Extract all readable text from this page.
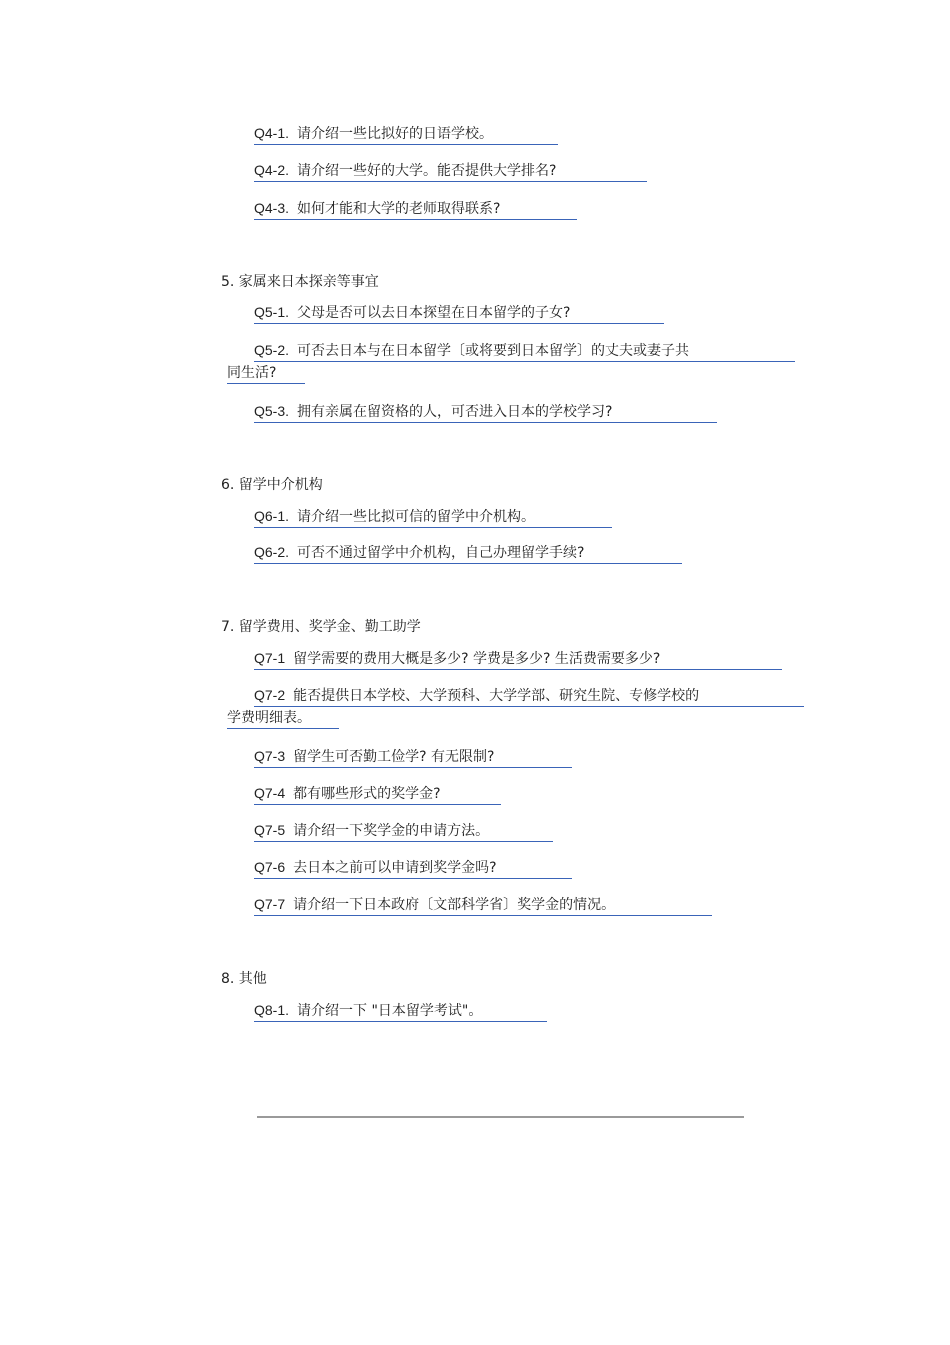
Q4-1. 请介绍一些比拟好的日语学校。
Q4-2. 请介绍一些好的大学。能否提供大学排名?
Q4-3. 如何才能和大学的老师取得联系?
5. 家属来日本探亲等事宜
Q5-1. 父母是否可以去日本探望在日本留学的子女?
Q5-2. 可否去日本与在日本留学〔或将要到日本留学〕的丈夫或妻子共
同生活?
Q5-3. 拥有亲属在留资格的人，可否进入日本的学校学习?
6. 留学中介机构
Q6-1. 请介绍一些比拟可信的留学中介机构。
Q6-2. 可否不通过留学中介机构，自己办理留学手续?
7. 留学费用、奖学金、勤工助学
Q7-1 留学需要的费用大概是多少? 学费是多少? 生活费需要多少?
Q7-2 能否提供日本学校、大学预科、大学学部、研究生院、专修学校的
学费明细表。
Q7-3 留学生可否勤工俭学? 有无限制?
Q7-4 都有哪些形式的奖学金?
Q7-5 请介绍一下奖学金的申请方法。
Q7-6 去日本之前可以申请到奖学金吗?
Q7-7 请介绍一下日本政府〔文部科学省〕奖学金的情况。
8. 其他
Q8-1. 请介绍一下 "日本留学考试"。
